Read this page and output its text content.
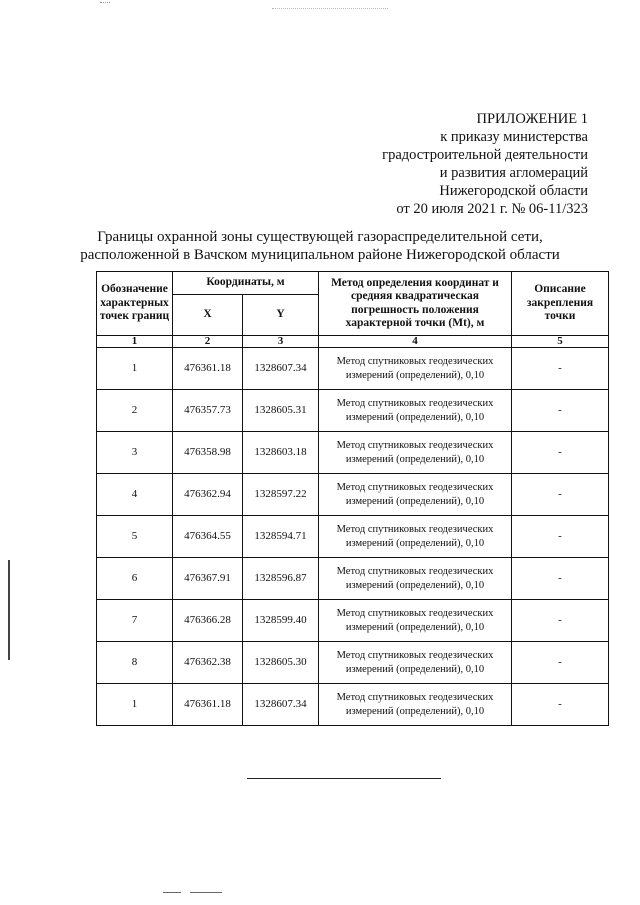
ПРИЛОЖЕНИЕ 1
к приказу министерства
градостроительной деятельности
и развития агломераций
Нижегородской области
от 20 июля 2021 г. № 06-11/323
Границы охранной зоны существующей газораспределительной сети,
расположенной в Вачском муниципальном районе Нижегородской области
Обозначение характерных точек границ	Координаты, м		Метод определения координат и средняя квадратическая погрешность положения характерной точки (Mt), м	Описание закрепления точки
	X	Y		
1	2	3	4	5
1	476361.18	1328607.34	Метод спутниковых геодезических измерений (определений), 0,10	-
2	476357.73	1328605.31	Метод спутниковых геодезических измерений (определений), 0,10	-
3	476358.98	1328603.18	Метод спутниковых геодезических измерений (определений), 0,10	-
4	476362.94	1328597.22	Метод спутниковых геодезических измерений (определений), 0,10	-
5	476364.55	1328594.71	Метод спутниковых геодезических измерений (определений), 0,10	-
6	476367.91	1328596.87	Метод спутниковых геодезических измерений (определений), 0,10	-
7	476366.28	1328599.40	Метод спутниковых геодезических измерений (определений), 0,10	-
8	476362.38	1328605.30	Метод спутниковых геодезических измерений (определений), 0,10	-
1	476361.18	1328607.34	Метод спутниковых геодезических измерений (определений), 0,10	-
